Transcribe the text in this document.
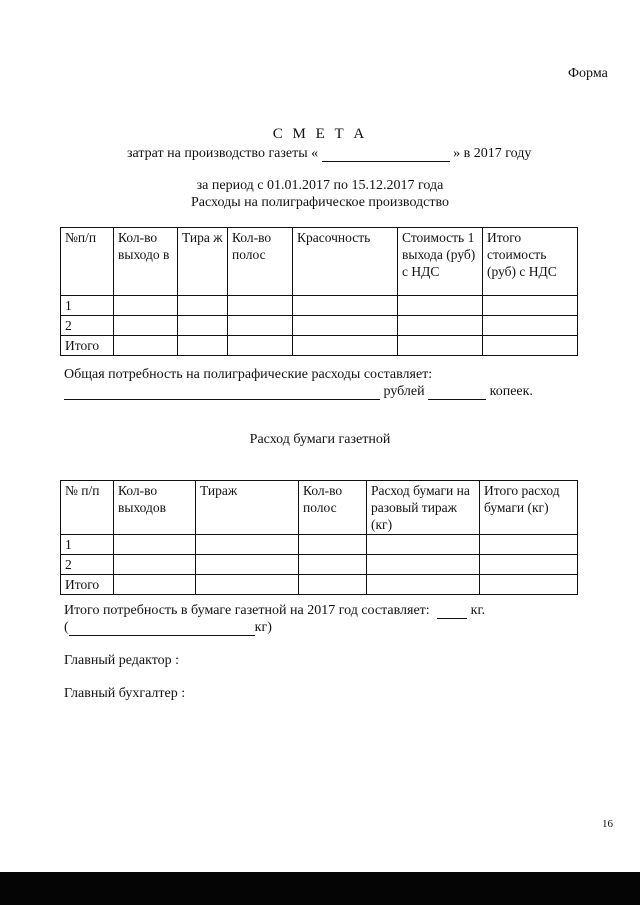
Форма
С М Е Т А
затрат на производство газеты «	» в 2017 году
за период с 01.01.2017 по 15.12.2017 года
Расходы на полиграфическое производство
№п/п	Кол-во выходо в	Тира ж	Кол-во полос	Красочность	Стоимость 1 выхода (руб) с НДС	Итого стоимость (руб) с НДС
1						
2						
Итого						
Общая потребность на полиграфические расходы составляет:
рублей	копеек.
Расход бумаги газетной
№ п/п	Кол-во выходов	Тираж	Кол-во полос	Расход бумаги на разовый тираж (кг)	Итого расход бумаги (кг)
1					
2					
Итого					
Итого потребность в бумаге газетной на 2017 год составляет:	кг.
(	кг)
Главный редактор :
Главный бухгалтер :
16
